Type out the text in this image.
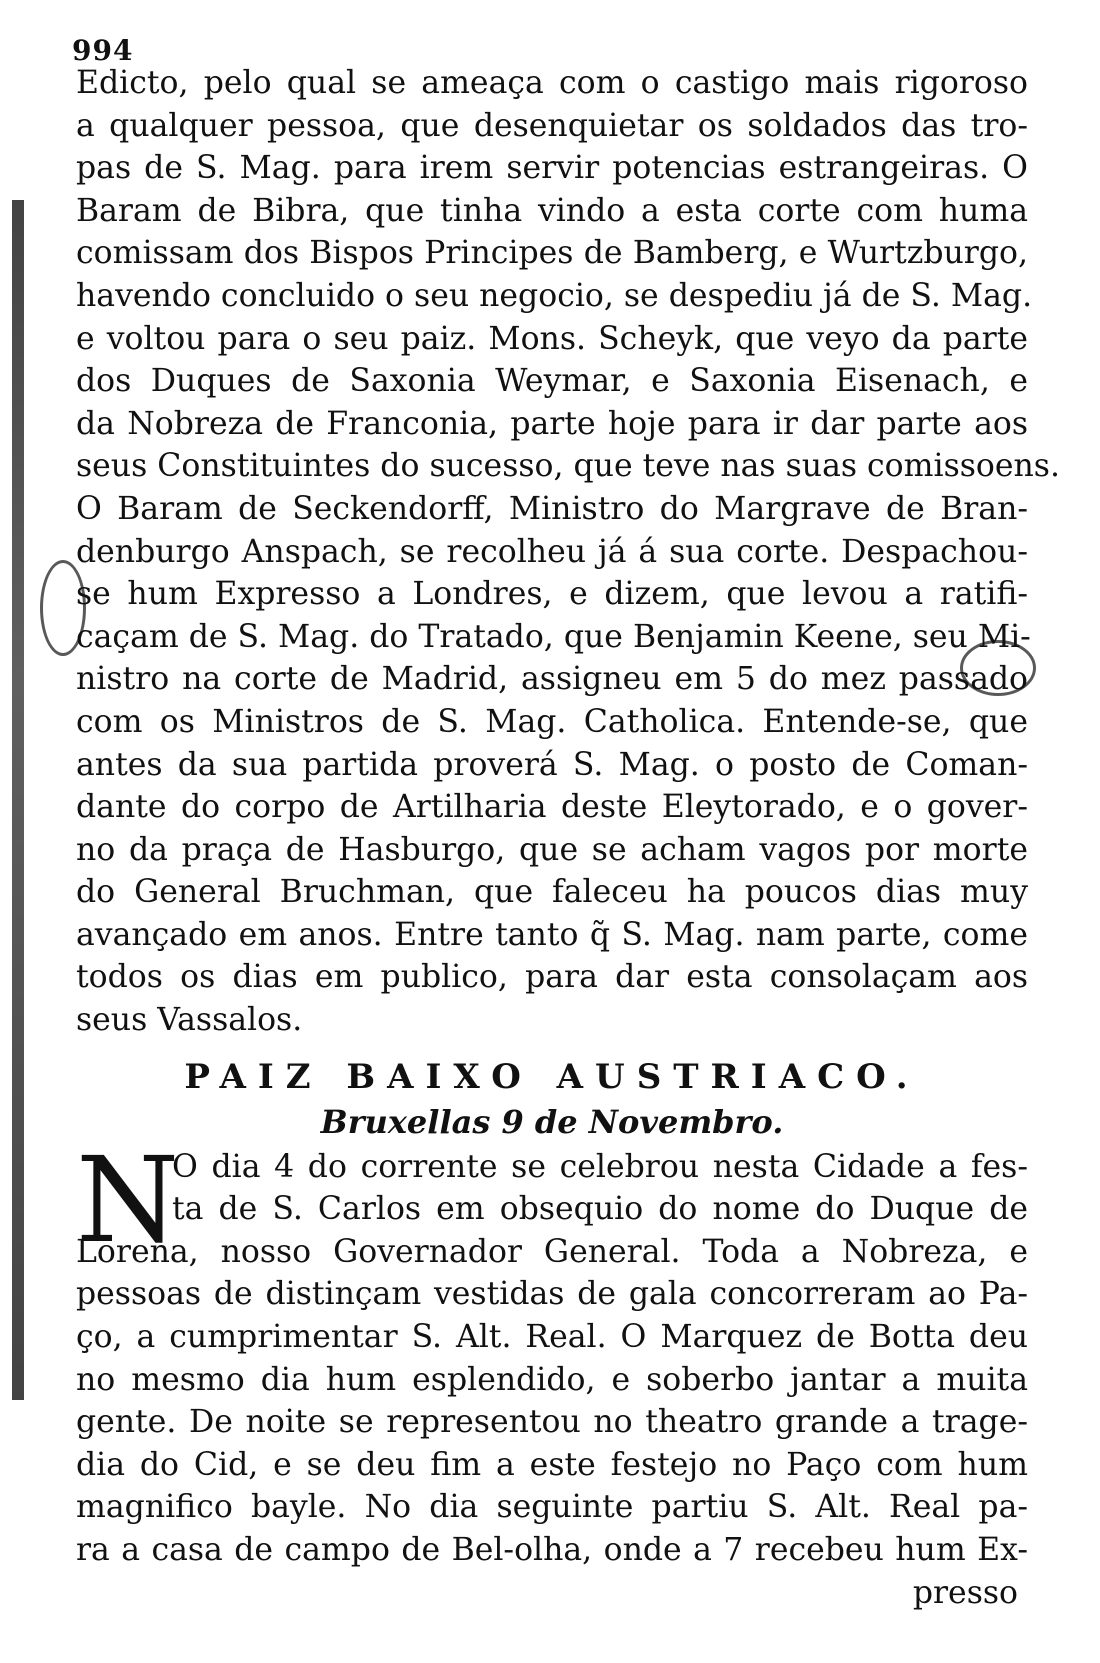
994
Edicto, pelo qual se ameaça com o castigo mais rigoroso
a qualquer pessoa, que desenquietar os soldados das tro-
pas de S. Mag. para irem servir potencias estrangeiras. O
Baram de Bibra, que tinha vindo a esta corte com huma
comissam dos Bispos Principes de Bamberg, e Wurtzburgo,
havendo concluido o seu negocio, se despediu já de S. Mag.
e voltou para o seu paiz. Mons. Scheyk, que veyo da parte
dos Duques de Saxonia Weymar, e Saxonia Eisenach, e
da Nobreza de Franconia, parte hoje para ir dar parte aos
seus Constituintes do sucesso, que teve nas suas comissoens.
O Baram de Seckendorff, Ministro do Margrave de Bran-
denburgo Anspach, se recolheu já á sua corte. Despachou-
se hum Expresso a Londres, e dizem, que levou a ratifi-
caçam de S. Mag. do Tratado, que Benjamin Keene, seu Mi-
nistro na corte de Madrid, assigneu em 5 do mez passado
com os Ministros de S. Mag. Catholica. Entende-se, que
antes da sua partida proverá S. Mag. o posto de Coman-
dante do corpo de Artilharia deste Eleytorado, e o gover-
no da praça de Hasburgo, que se acham vagos por morte
do General Bruchman, que faleceu ha poucos dias muy
avançado em anos. Entre tanto q̃ S. Mag. nam parte, come
todos os dias em publico, para dar esta consolaçam aos
seus Vassalos.
PAIZ BAIXO AUSTRIACO.
Bruxellas 9 de Novembro.
N
O dia 4 do corrente se celebrou nesta Cidade a fes-
ta de S. Carlos em obsequio do nome do Duque de
Lorena, nosso Governador General. Toda a Nobreza, e
pessoas de distinçam vestidas de gala concorreram ao Pa-
ço, a cumprimentar S. Alt. Real. O Marquez de Botta deu
no mesmo dia hum esplendido, e soberbo jantar a muita
gente. De noite se representou no theatro grande a trage-
dia do Cid, e se deu fim a este festejo no Paço com hum
magnifico bayle. No dia seguinte partiu S. Alt. Real pa-
ra a casa de campo de Bel-olha, onde a 7 recebeu hum Ex-
presso
